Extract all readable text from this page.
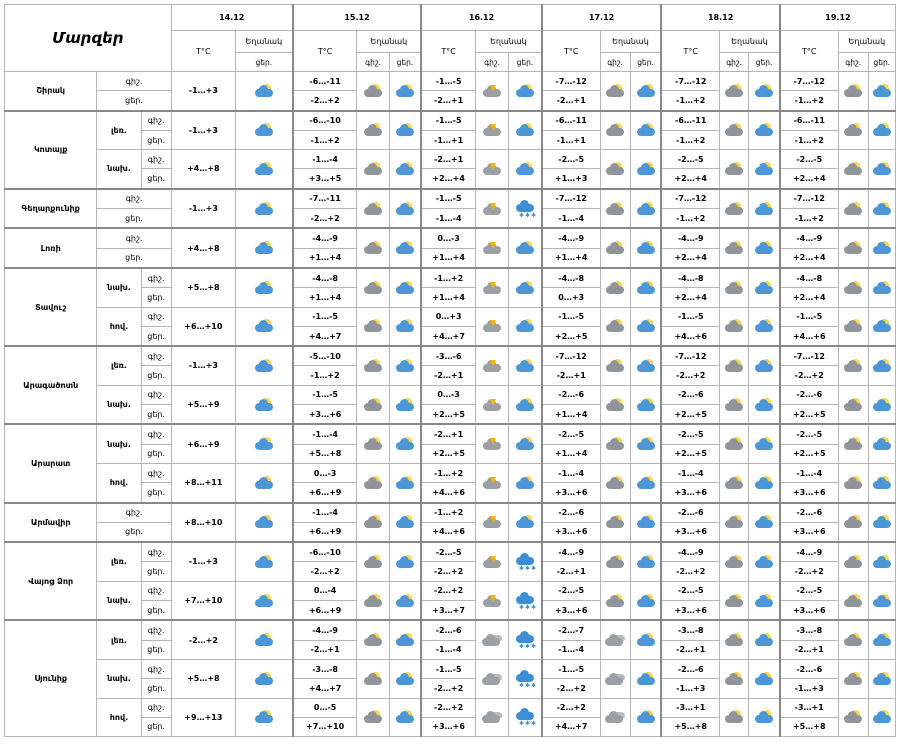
Մարզեր			14.12		15.12			16.12			17.12			18.12			19.12		
			T°C	Եղանակ	T°C	Եղանակ		T°C	Եղանակ		T°C	Եղանակ		T°C	Եղանակ		T°C	Եղանակ	
				ցեր.		գիշ.	ցեր.		գիշ.	ցեր.		գիշ.	ցեր.		գիշ.	ցեր.		գիշ.	ցեր.
Շիրակ	գիշ.		-1…+3		-6…-11			-1…-5			-7…-12			-7…-12			-7…-12	

	ցեր.				-2…+2			-2…+1			-2…+1			-1…+2			-1…+2		
Կոտայք	լեռ.	գիշ.	-1…+3		-6…-10			-1…-5			-6…-11			-6…-11			-6…-11	

		ցեր.			-1…+2			-1…+1			-1…+1			-1…+2			-1…+2		
	նախ.	գիշ.	+4…+8		-1…-4			-2…+1			-2…-5			-2…-5			-2…-5	

		ցեր.			+3…+5			+2…+4			+1…+3			+2…+4			+2…+4		
Գեղարքունիք	գիշ.		-1…+3		-7…-11			-1…-5		✱✱✱	-7…-12			-7…-12			-7…-12	

	ցեր.				-2…+2			-1…-4			-1…-4			-1…+2			-1…+2		
Լոռի	գիշ.		+4…+8		-4…-9			0…-3			-4…-9			-4…-9			-4…-9	

	ցեր.				+1…+4			+1…+4			+1…+4			+2…+4			+2…+4		
Տավուշ	նախ.	գիշ.	+5…+8		-4…-8			-1…+2			-4…-8			-4…-8			-4…-8	

		ցեր.			+1…+4			+1…+4			0…+3			+2…+4			+2…+4		
	հով.	գիշ.	+6…+10		-1…-5			0…+3			-1…-5			-1…-5			-1…-5	

		ցեր.			+4…+7			+4…+7			+2…+5			+4…+6			+4…+6		
Արագածոտն	լեռ.	գիշ.	-1…+3		-5…-10			-3…-6			-7…-12			-7…-12			-7…-12	

		ցեր.			-1…+2			-2…+1			-2…+1			-2…+2			-2…+2		
	նախ.	գիշ.	+5…+9		-1…-5			0…-3			-2…-6			-2…-6			-2…-6	

		ցեր.			+3…+6			+2…+5			+1…+4			+2…+5			+2…+5		
Արարատ	նախ.	գիշ.	+6…+9		-1…-4			-2…+1			-2…-5			-2…-5			-2…-5	

		ցեր.			+5…+8			+2…+5			+1…+4			+2…+5			+2…+5		
	հով.	գիշ.	+8…+11		0…-3			-1…+2			-1…-4			-1…-4			-1…-4	

		ցեր.			+6…+9			+4…+6			+3…+6			+3…+6			+3…+6		
Արմավիր	գիշ.		+8…+10		-1…-4			-1…+2			-2…-6			-2…-6			-2…-6	

	ցեր.				+6…+9			+4…+6			+3…+6			+3…+6			+3…+6		
Վայոց Ձոր	լեռ.	գիշ.	-1…+3		-6…-10			-2…-5		✱✱✱	-4…-9			-4…-9			-4…-9	

		ցեր.			-2…+2			-2…+2			-2…+1			-2…+2			-2…+2		
	նախ.	գիշ.	+7…+10		0…-4			-2…+2		✱✱✱	-2…-5			-2…-5			-2…-5	

		ցեր.			+6…+9			+3…+7			+3…+6			+3…+6			+3…+6		
Սյունիք	լեռ.	գիշ.	-2…+2		-4…-9			-2…-6		✱✱✱	-2…-7			-3…-8			-3…-8	

		ցեր.			-2…+1			-1…-4			-1…-4			-2…+1			-2…+1		
	նախ.	գիշ.	+5…+8		-3…-8			-1…-5		✱✱✱	-1…-5			-2…-6			-2…-6	

		ցեր.			+4…+7			-2…+2			-2…+2			-1…+3			-1…+3		
	հով.	գիշ.	+9…+13		0…-5			-2…+2		✱✱✱	-2…+2			-3…+1			-3…+1	

		ցեր.			+7…+10			+3…+6			+4…+7			+5…+8			+5…+8		
